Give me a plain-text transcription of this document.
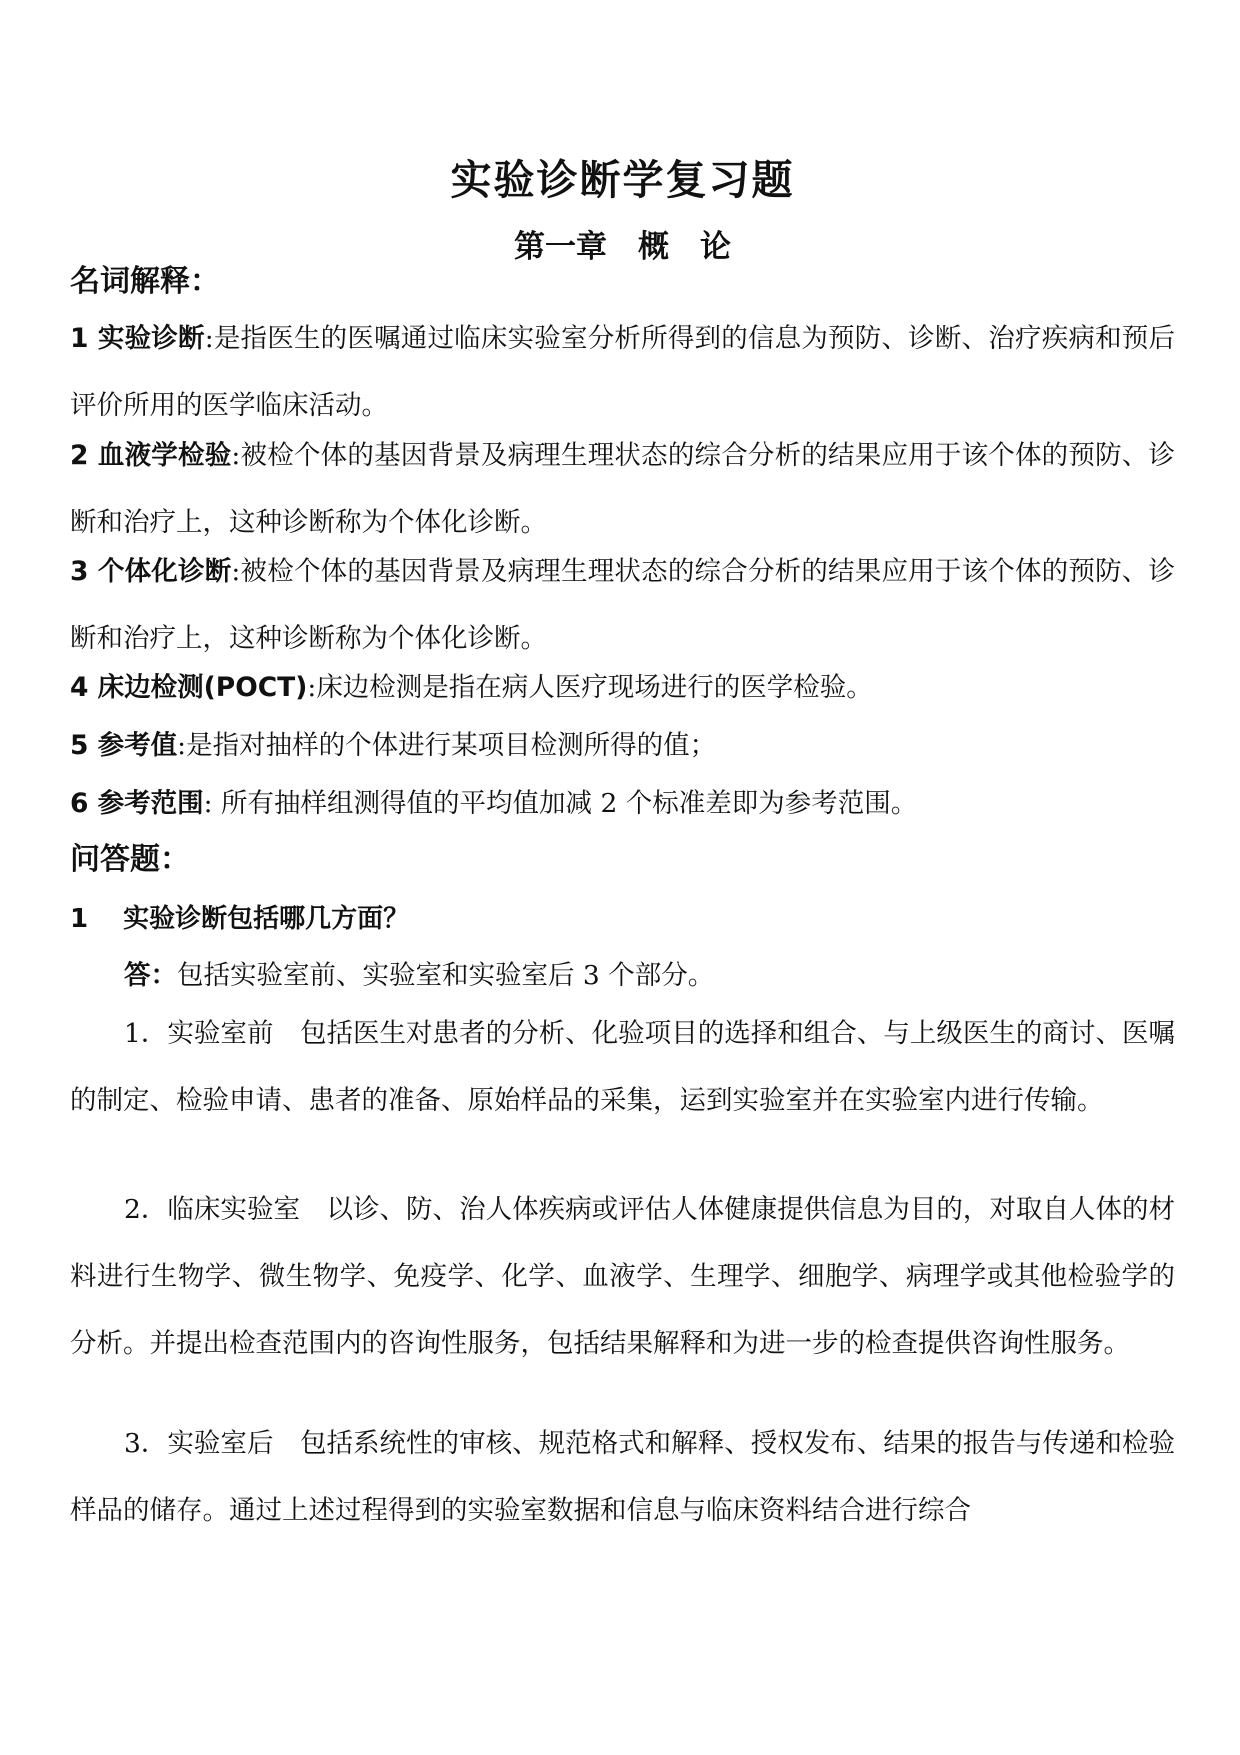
实验诊断学复习题
第一章　概　论
名词解释：
1 实验诊断:是指医生的医嘱通过临床实验室分析所得到的信息为预防、诊断、治疗疾病和预后评价所用的医学临床活动。
2 血液学检验:被检个体的基因背景及病理生理状态的综合分析的结果应用于该个体的预防、诊断和治疗上，这种诊断称为个体化诊断。
3 个体化诊断:被检个体的基因背景及病理生理状态的综合分析的结果应用于该个体的预防、诊断和治疗上，这种诊断称为个体化诊断。
4 床边检测(POCT):床边检测是指在病人医疗现场进行的医学检验。
5 参考值:是指对抽样的个体进行某项目检测所得的值；
6 参考范围: 所有抽样组测得值的平均值加减 2 个标准差即为参考范围。
问答题：
1　 实验诊断包括哪几方面？
答：包括实验室前、实验室和实验室后 3 个部分。
1．实验室前　包括医生对患者的分析、化验项目的选择和组合、与上级医生的商讨、医嘱的制定、检验申请、患者的准备、原始样品的采集，运到实验室并在实验室内进行传输。
2．临床实验室　以诊、防、治人体疾病或评估人体健康提供信息为目的，对取自人体的材料进行生物学、微生物学、免疫学、化学、血液学、生理学、细胞学、病理学或其他检验学的分析。并提出检查范围内的咨询性服务，包括结果解释和为进一步的检查提供咨询性服务。
3．实验室后　包括系统性的审核、规范格式和解释、授权发布、结果的报告与传递和检验样品的储存。通过上述过程得到的实验室数据和信息与临床资料结合进行综合
